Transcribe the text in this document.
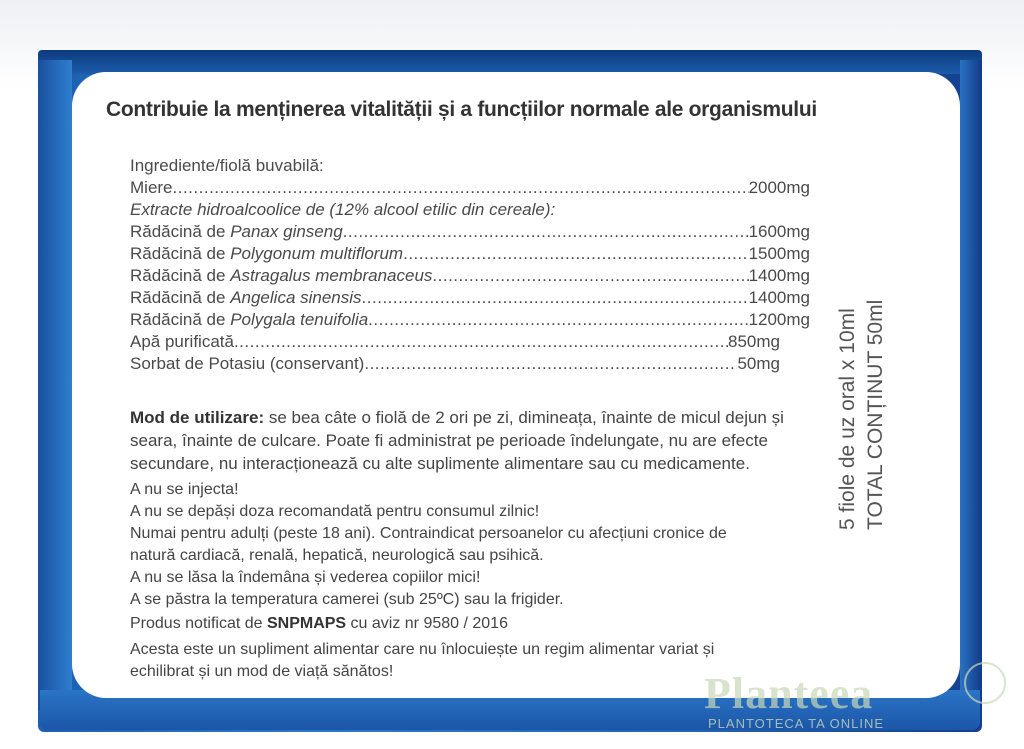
Contribuie la menținerea vitalității și a funcțiilor normale ale organismului

Ingrediente/fiolă buvabilă:

Miere .....	2000mg

Extracte hidroalcoolice de (12% alcool etilic din cereale):

Rădăcină de Panax ginseng .....	1600mg
Rădăcină de Polygonum multiflorum .....	1500mg
Rădăcină de Astragalus membranaceus .....	1400mg
Rădăcină de Angelica sinensis .....	1400mg
Rădăcină de Polygala tenuifolia .....	1200mg
Apă purificată .....	850mg
Sorbat de Potasiu (conservant) .....	50mg

Mod de utilizare: se bea câte o fiolă de 2 ori pe zi, dimineața, înainte de micul dejun și

seara, înainte de culcare. Poate fi administrat pe perioade îndelungate, nu are efecte

secundare, nu interacționează cu alte suplimente alimentare sau cu medicamente.

A nu se injecta!

A nu se depăși doza recomandată pentru consumul zilnic!

Numai pentru adulți (peste 18 ani). Contraindicat persoanelor cu afecțiuni cronice de

natură cardiacă, renală, hepatică, neurologică sau psihică.

A nu se lăsa la îndemâna și vederea copiilor mici!

A se păstra la temperatura camerei (sub 25ºC) sau la frigider.

Produs notificat de SNPMAPS cu aviz nr 9580 / 2016

Acesta este un supliment alimentar care nu înlocuiește un regim alimentar variat și

echilibrat și un mod de viață sănătos!

5 fiole de uz oral x 10ml TOTAL CONȚINUT 50ml
Planteea
PLANTOTECA TA ONLINE
